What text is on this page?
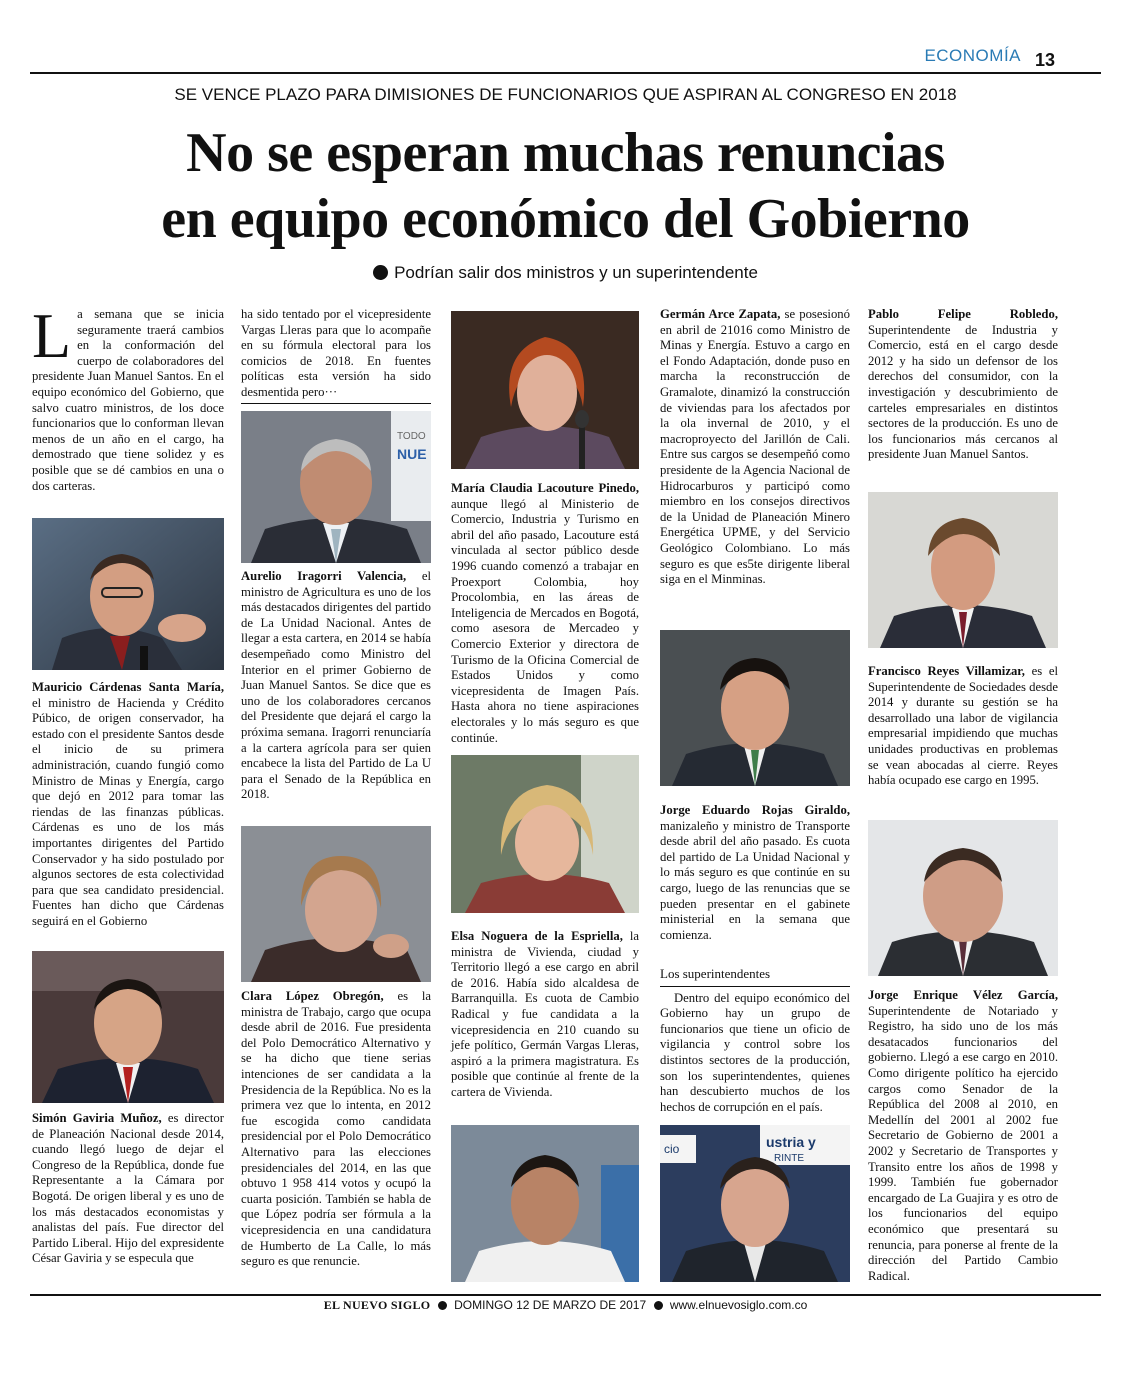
ECONOMÍA 13
SE VENCE PLAZO PARA DIMISIONES DE FUNCIONARIOS QUE ASPIRAN AL CONGRESO EN 2018
No se esperan muchas renuncias
en equipo económico del Gobierno
Podrían salir dos ministros y un superintendente
La semana que se inicia seguramente traerá cambios en la conformación del cuerpo de colaboradores del presidente Juan Manuel Santos. En el equipo económico del Gobierno, que salvo cuatro ministros, de los doce funcionarios que lo conforman llevan menos de un año en el cargo, ha demostrado que tiene solidez y es posible que se dé cambios en una o dos carteras.
Mauricio Cárdenas Santa María, el ministro de Hacienda y Crédito Púbico, de origen conservador, ha estado con el presidente Santos desde el inicio de su primera administración, cuando fungió como Ministro de Minas y Energía, cargo que dejó en 2012 para tomar las riendas de las finanzas públicas. Cárdenas es uno de los más importantes dirigentes del Partido Conservador y ha sido postulado por algunos sectores de esta colectividad para que sea candidato presidencial. Fuentes han dicho que Cárdenas seguirá en el Gobierno
Simón Gaviria Muñoz, es director de Planeación Nacional desde 2014, cuando llegó luego de dejar el Congreso de la República, donde fue Representante a la Cámara por Bogotá. De origen liberal y es uno de los más destacados economistas y analistas del país. Fue director del Partido Liberal. Hijo del expresidente César Gaviria y se especula que
ha sido tentado por el vicepresidente Vargas Lleras para que lo acompañe en su fórmula electoral para los comicios de 2018. En fuentes políticas esta versión ha sido desmentida pero···
TODO
NUE
Aurelio Iragorri Valencia, el ministro de Agricultura es uno de los más destacados dirigentes del partido de La Unidad Nacional. Antes de llegar a esta cartera, en 2014 se había desempeñado como Ministro del Interior en el primer Gobierno de Juan Manuel Santos. Se dice que es uno de los colaboradores cercanos del Presidente que dejará el cargo la próxima semana. Iragorri renunciaría a la cartera agrícola para ser quien encabece la lista del Partido de La U para el Senado de la República en 2018.
Clara López Obregón, es la ministra de Trabajo, cargo que ocupa desde abril de 2016. Fue presidenta del Polo Democrático Alternativo y se ha dicho que tiene serias intenciones de ser candidata a la Presidencia de la República. No es la primera vez que lo intenta, en 2012 fue escogida como candidata presidencial por el Polo Democrático Alternativo para las elecciones presidenciales del 2014, en las que obtuvo 1 958 414 votos y ocupó la cuarta posición. También se habla de que López podría ser fórmula a la vicepresidencia en una candidatura de Humberto de La Calle, lo más seguro es que renuncie.
María Claudia Lacouture Pinedo, aunque llegó al Ministerio de Comercio, Industria y Turismo en abril del año pasado, Lacouture está vinculada al sector público desde 1996 cuando comenzó a trabajar en Proexport Colombia, hoy Procolombia, en las áreas de Inteligencia de Mercados en Bogotá, como asesora de Mercadeo y Comercio Exterior y directora de Turismo de la Oficina Comercial de Estados Unidos y como vicepresidenta de Imagen País. Hasta ahora no tiene aspiraciones electorales y lo más seguro es que continúe.
Elsa Noguera de la Espriella, la ministra de Vivienda, ciudad y Territorio llegó a ese cargo en abril de 2016. Había sido alcaldesa de Barranquilla. Es cuota de Cambio Radical y fue candidata a la vicepresidencia en 210 cuando su jefe político, Germán Vargas Lleras, aspiró a la primera magistratura. Es posible que continúe al frente de la cartera de Vivienda.
Germán Arce Zapata, se posesionó en abril de 21016 como Ministro de Minas y Energía. Estuvo a cargo en el Fondo Adaptación, donde puso en marcha la reconstrucción de Gramalote, dinamizó la construcción de viviendas para los afectados por la ola invernal de 2010, y el macroproyecto del Jarillón de Cali. Entre sus cargos se desempeñó como presidente de la Agencia Nacional de Hidrocarburos y participó como miembro en los consejos directivos de la Unidad de Planeación Minero Energética UPME, y del Servicio Geológico Colombiano. Lo más seguro es que es5te dirigente liberal siga en el Minminas.
Jorge Eduardo Rojas Giraldo, manizaleño y ministro de Transporte desde abril del año pasado. Es cuota del partido de La Unidad Nacional y lo más seguro es que continúe en su cargo, luego de las renuncias que se pueden presentar en el gabinete ministerial en la semana que comienza.
Los superintendentes
Dentro del equipo económico del Gobierno hay un grupo de funcionarios que tiene un oficio de vigilancia y control sobre los distintos sectores de la producción, son los superintendentes, quienes han descubierto muchos de los hechos de corrupción en el país.
ustria y
RINTE
cio
Pablo Felipe Robledo, Superintendente de Industria y Comercio, está en el cargo desde 2012 y ha sido un defensor de los derechos del consumidor, con la investigación y descubrimiento de carteles empresariales en distintos sectores de la producción. Es uno de los funcionarios más cercanos al presidente Juan Manuel Santos.
Francisco Reyes Villamizar, es el Superintendente de Sociedades desde 2014 y durante su gestión se ha desarrollado una labor de vigilancia empresarial impidiendo que muchas unidades productivas en problemas se vean abocadas al cierre. Reyes había ocupado ese cargo en 1995.
Jorge Enrique Vélez García, Superintendente de Notariado y Registro, ha sido uno de los más desatacados funcionarios del gobierno. Llegó a ese cargo en 2010. Como dirigente político ha ejercido cargos como Senador de la República del 2008 al 2010, en Medellín del 2001 al 2002 fue Secretario de Gobierno de 2001 a 2002 y Secretario de Transportes y Transito entre los años de 1998 y 1999. También fue gobernador encargado de La Guajira y es otro de los funcionarios del equipo económico que presentará su renuncia, para ponerse al frente de la dirección del Partido Cambio Radical.
EL NUEVO SIGLO DOMINGO 12 DE MARZO DE 2017 www.elnuevosiglo.com.co
